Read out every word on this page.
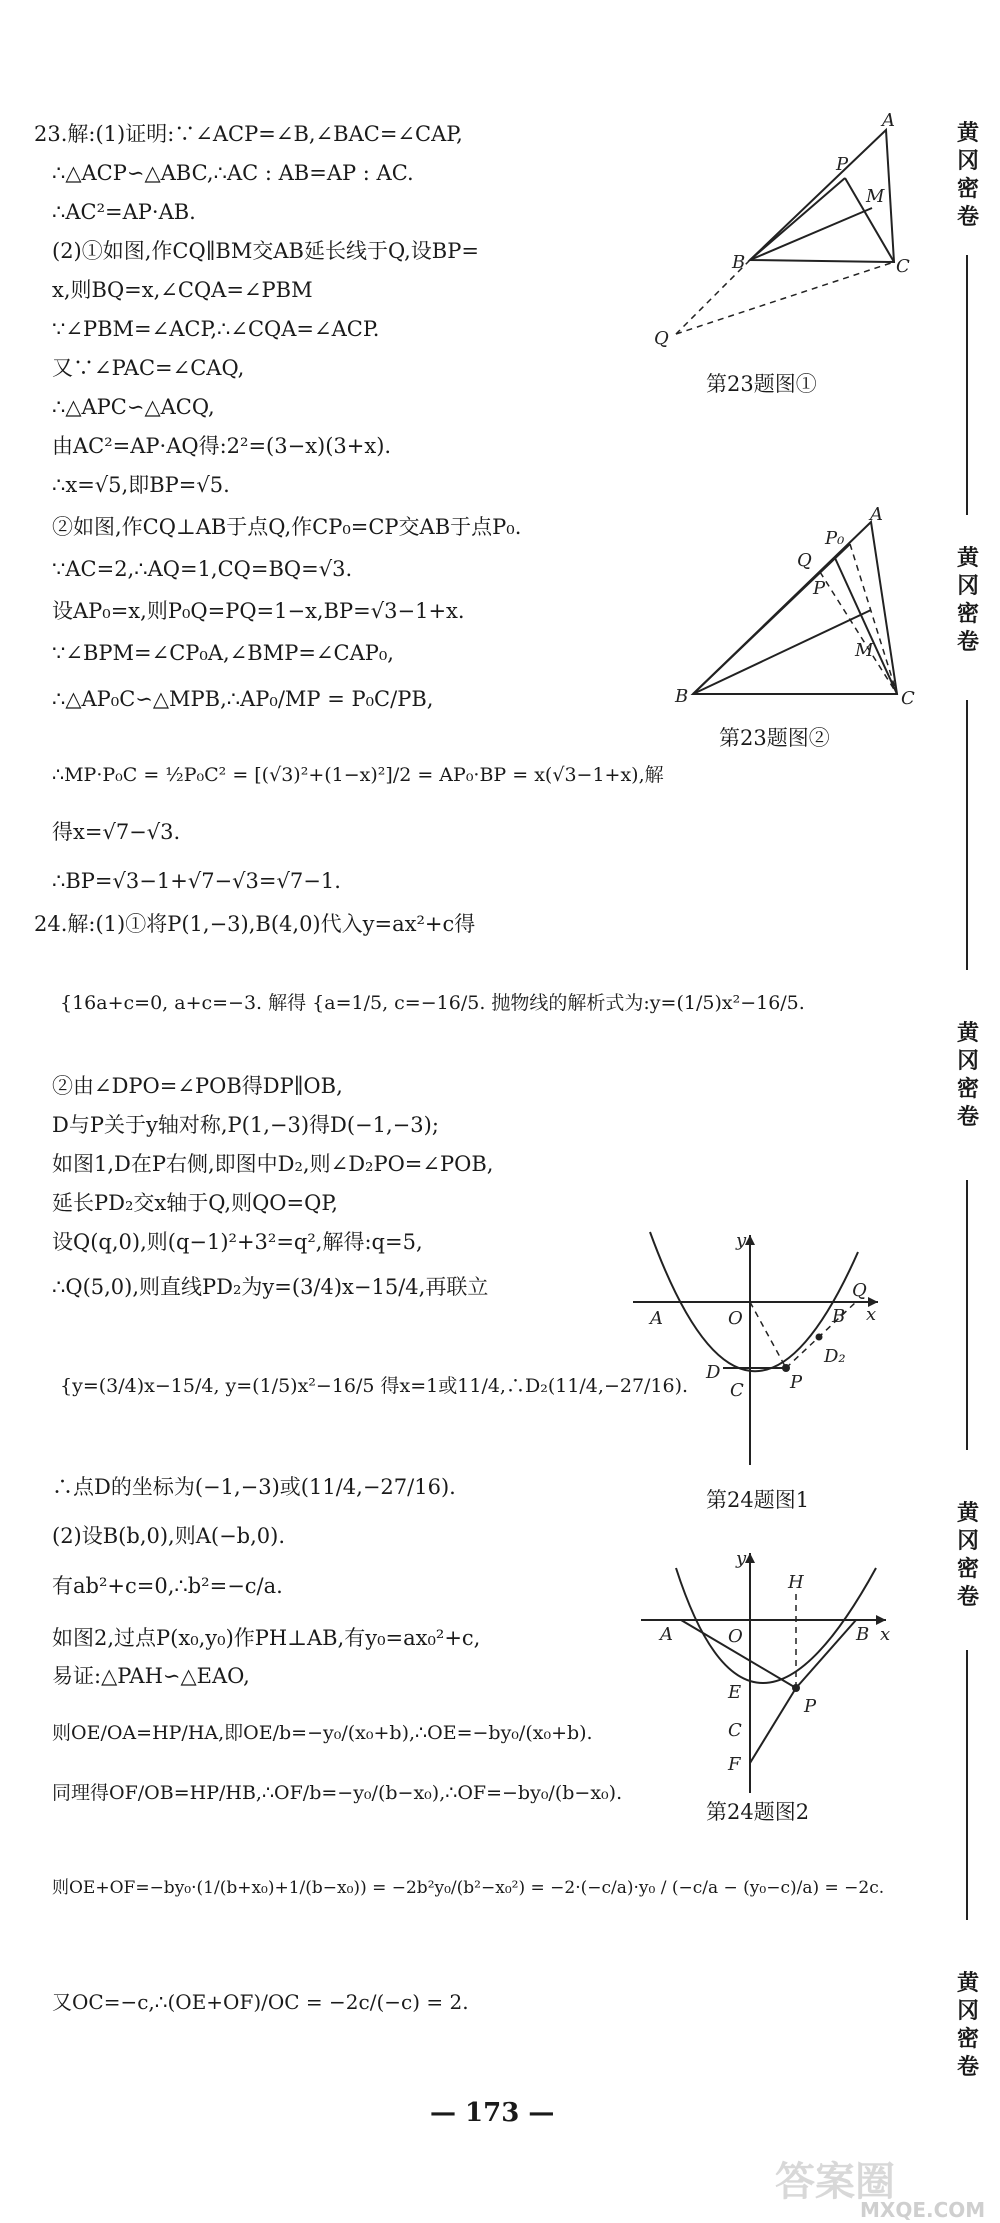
23.解:(1)证明:∵∠ACP=∠B,∠BAC=∠CAP,
∴△ACP∽△ABC,∴AC : AB=AP : AC.
∴AC²=AP·AB.
(2)①如图,作CQ∥BM交AB延长线于Q,设BP=
x,则BQ=x,∠CQA=∠PBM
∵∠PBM=∠ACP,∴∠CQA=∠ACP.
又∵∠PAC=∠CAQ,
∴△APC∽△ACQ,
由AC²=AP·AQ得:2²=(3−x)(3+x).
∴x=√5,即BP=√5.
②如图,作CQ⊥AB于点Q,作CP₀=CP交AB于点P₀.
∵AC=2,∴AQ=1,CQ=BQ=√3.
设AP₀=x,则P₀Q=PQ=1−x,BP=√3−1+x.
∵∠BPM=∠CP₀A,∠BMP=∠CAP₀,
∴△AP₀C∽△MPB,∴AP₀/MP = P₀C/PB,
∴MP·P₀C = ½P₀C² = [(√3)²+(1−x)²]/2 = AP₀·BP = x(√3−1+x),解
得x=√7−√3.
∴BP=√3−1+√7−√3=√7−1.
24.解:(1)①将P(1,−3),B(4,0)代入y=ax²+c得
{16a+c=0, a+c=−3. 解得 {a=1/5, c=−16/5. 抛物线的解析式为:y=(1/5)x²−16/5.
②由∠DPO=∠POB得DP∥OB,
D与P关于y轴对称,P(1,−3)得D(−1,−3);
如图1,D在P右侧,即图中D₂,则∠D₂PO=∠POB,
延长PD₂交x轴于Q,则QO=QP,
设Q(q,0),则(q−1)²+3²=q²,解得:q=5,
∴Q(5,0),则直线PD₂为y=(3/4)x−15/4,再联立
{y=(3/4)x−15/4, y=(1/5)x²−16/5 得x=1或11/4,∴D₂(11/4,−27/16).
∴点D的坐标为(−1,−3)或(11/4,−27/16).
(2)设B(b,0),则A(−b,0).
有ab²+c=0,∴b²=−c/a.
如图2,过点P(x₀,y₀)作PH⊥AB,有y₀=ax₀²+c,
易证:△PAH∽△EAO,
则OE/OA=HP/HA,即OE/b=−y₀/(x₀+b),∴OE=−by₀/(x₀+b).
同理得OF/OB=HP/HB,∴OF/b=−y₀/(b−x₀),∴OF=−by₀/(b−x₀).
则OE+OF=−by₀·(1/(b+x₀)+1/(b−x₀)) = −2b²y₀/(b²−x₀²) = −2·(−c/a)·y₀ / (−c/a − (y₀−c)/a) = −2c.
又OC=−c,∴(OE+OF)/OC = −2c/(−c) = 2.
A
P
M
B	C
Q
第23题图①
A
P₀
Q
P
M
B	C
第23题图②
y
A	O
Q
B x
D
C	P
D₂
第24题图1
y
H
A	O	B x
E
C
P
F
第24题图2
黄冈密卷
黄冈密卷
黄冈密卷
黄冈密卷
黄冈密卷
— 173 —
答案圈
MXQE.COM
